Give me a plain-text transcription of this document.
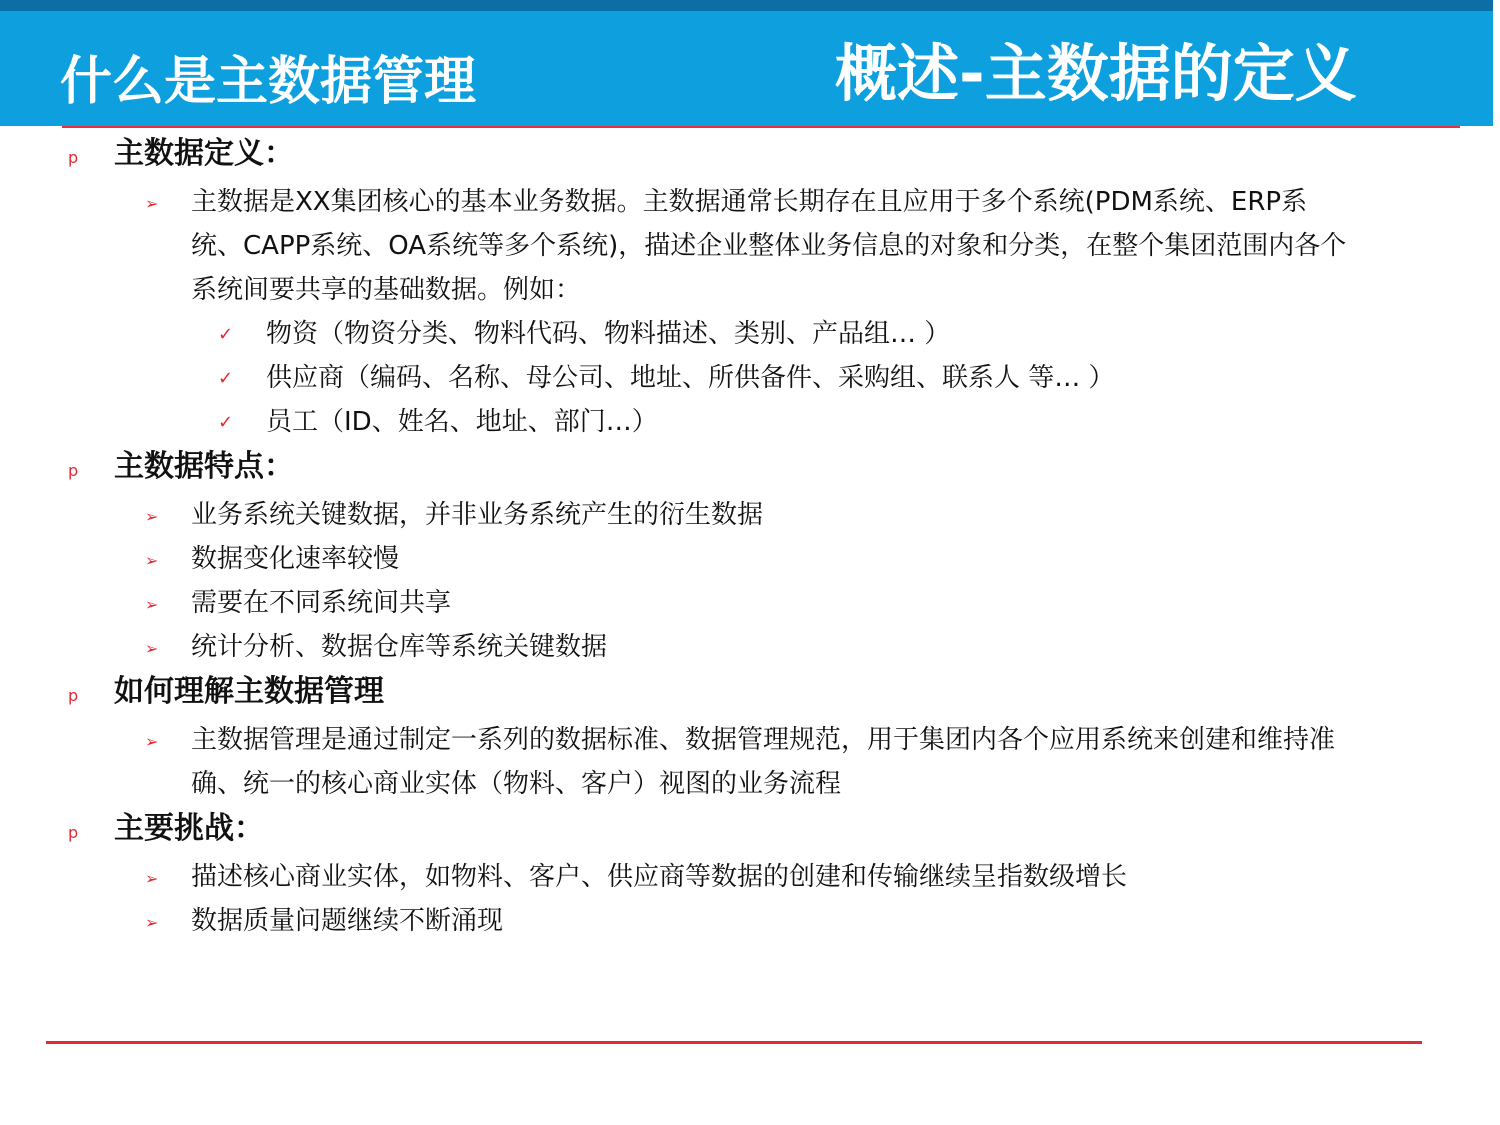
什么是主数据管理	概述-主数据的定义
p 主数据定义：
➢ 主数据是XX集团核心的基本业务数据。主数据通常长期存在且应用于多个系统(PDM系统、ERP系
统、CAPP系统、OA系统等多个系统)，描述企业整体业务信息的对象和分类，在整个集团范围内各个
系统间要共享的基础数据。例如：
✓ 物资（物资分类、物料代码、物料描述、类别、产品组… ）
✓ 供应商（编码、名称、母公司、地址、所供备件、采购组、联系人 等… ）
✓ 员工（ID、姓名、地址、部门…）
p 主数据特点：
➢ 业务系统关键数据，并非业务系统产生的衍生数据
➢ 数据变化速率较慢
➢ 需要在不同系统间共享
➢ 统计分析、数据仓库等系统关键数据
p 如何理解主数据管理
➢ 主数据管理是通过制定一系列的数据标准、数据管理规范，用于集团内各个应用系统来创建和维持准
确、统一的核心商业实体（物料、客户）视图的业务流程
p 主要挑战：
➢ 描述核心商业实体，如物料、客户、供应商等数据的创建和传输继续呈指数级增长
➢ 数据质量问题继续不断涌现
